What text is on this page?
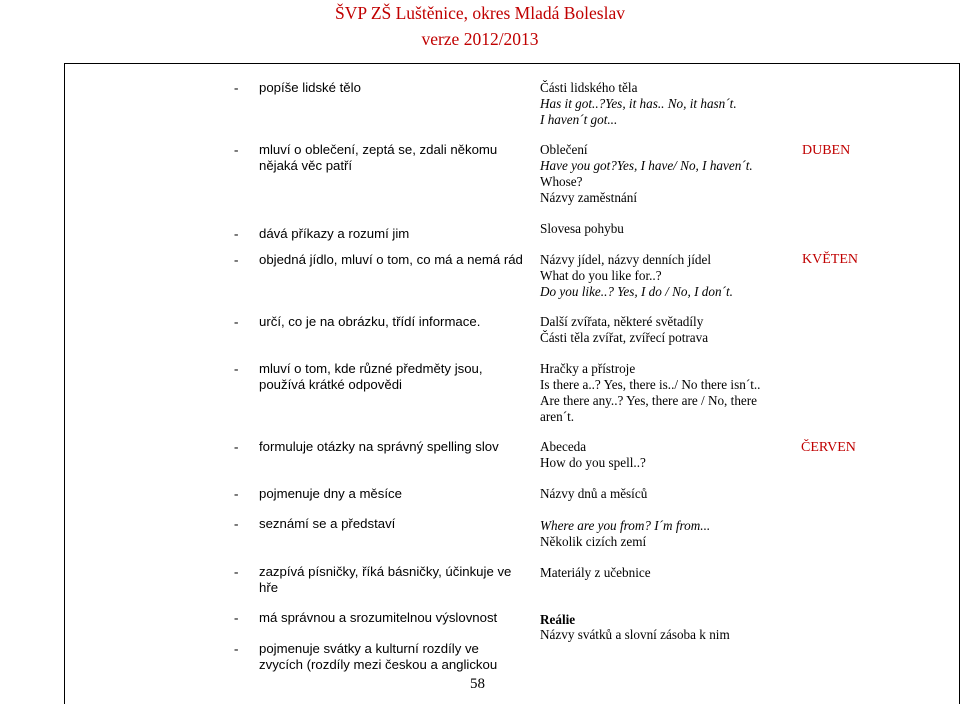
ŠVP ZŠ Luštěnice, okres Mladá Boleslav
verze 2012/2013
-
-
-
-
-
-
-
-
-
-
-
-
popíše lidské tělo
mluví o oblečení, zeptá se, zdali někomu
nějaká věc patří
dává příkazy a rozumí jim
objedná jídlo, mluví o tom, co má a nemá rád
určí, co je na obrázku, třídí informace.
mluví o tom, kde různé předměty jsou,
používá krátké odpovědi
formuluje otázky na správný spelling slov
pojmenuje dny a měsíce
seznámí se a představí
zazpívá písničky, říká básničky, účinkuje ve
hře
má správnou a srozumitelnou výslovnost
pojmenuje svátky a kulturní rozdíly ve
zvycích (rozdíly mezi českou a anglickou
Části lidského těla
Has it got..?Yes, it has.. No, it hasn´t.
I haven´t got...
Oblečení
Have you got?Yes, I have/ No, I haven´t.
Whose?
Názvy zaměstnání
Slovesa pohybu
Názvy jídel, názvy denních jídel
What do you like for..?
Do you like..? Yes, I do / No, I don´t.
Další zvířata, některé světadíly
Části těla zvířat, zvířecí potrava
Hračky a přístroje
Is there a..? Yes, there is../ No there isn´t..
Are there any..? Yes, there are / No, there
aren´t.
Abeceda
How do you spell..?
Názvy dnů a měsíců
Where are you from? I´m from...
Několik cizích zemí
Materiály z učebnice
Reálie
Názvy svátků a slovní zásoba k nim
DUBEN
KVĚTEN
ČERVEN
58
